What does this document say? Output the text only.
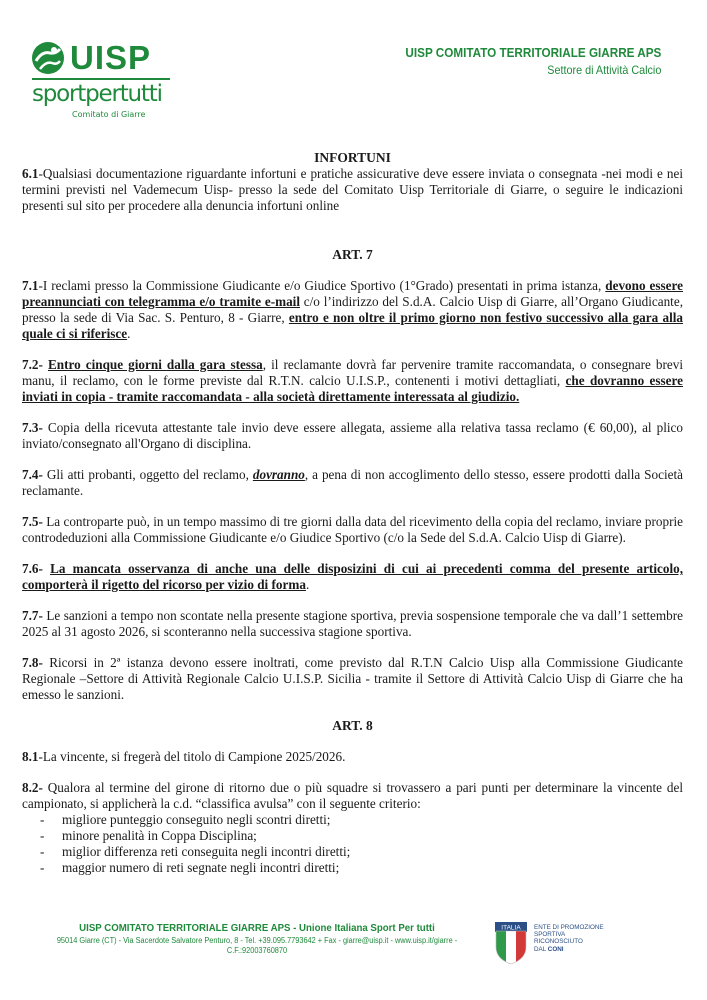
UISP
sportpertutti
Comitato di Giarre
UISP COMITATO TERRITORIALE GIARRE APS
Settore di Attività Calcio
INFORTUNI

6.1-Qualsiasi documentazione riguardante infortuni e pratiche assicurative deve essere inviata o consegnata -nei modi e nei termini previsti nel Vademecum Uisp- presso la sede del Comitato Uisp Territoriale di Giarre, o seguire le indicazioni presenti sul sito per procedere alla denuncia infortuni online

ART. 7

7.1-I reclami presso la Commissione Giudicante e/o Giudice Sportivo (1°Grado) presentati in prima istanza, devono essere preannunciati con telegramma e/o tramite e-mail c/o l’indirizzo del S.d.A. Calcio Uisp di Giarre, all’Organo Giudicante, presso la sede di Via Sac. S. Penturo, 8 - Giarre, entro e non oltre il primo giorno non festivo successivo alla gara alla quale ci si riferisce.

7.2- Entro cinque giorni dalla gara stessa, il reclamante dovrà far pervenire tramite raccomandata, o consegnare brevi manu, il reclamo, con le forme previste dal R.T.N. calcio U.I.S.P., contenenti i motivi dettagliati, che dovranno essere inviati in copia - tramite raccomandata - alla società direttamente interessata al giudizio.

7.3- Copia della ricevuta attestante tale invio deve essere allegata, assieme alla relativa tassa reclamo (€ 60,00), al plico inviato/consegnato all'Organo di disciplina.

7.4- Gli atti probanti, oggetto del reclamo, dovranno, a pena di non accoglimento dello stesso, essere prodotti dalla Società reclamante.

7.5- La controparte può, in un tempo massimo di tre giorni dalla data del ricevimento della copia del reclamo, inviare proprie controdeduzioni alla Commissione Giudicante e/o Giudice Sportivo (c/o la Sede del S.d.A. Calcio Uisp di Giarre).

7.6- La mancata osservanza di anche una delle disposizini di cui ai precedenti comma del presente articolo, comporterà il rigetto del ricorso per vizio di forma.

7.7- Le sanzioni a tempo non scontate nella presente stagione sportiva, previa sospensione temporale che va dall’1 settembre 2025 al 31 agosto 2026, si sconteranno nella successiva stagione sportiva.

7.8- Ricorsi in 2ª istanza devono essere inoltrati, come previsto dal R.T.N Calcio Uisp alla Commissione Giudicante Regionale –Settore di Attività Regionale Calcio U.I.S.P. Sicilia - tramite il Settore di Attività Calcio Uisp di Giarre che ha emesso le sanzioni.

ART. 8

8.1-La vincente, si fregerà del titolo di Campione 2025/2026.

8.2- Qualora al termine del girone di ritorno due o più squadre si trovassero a pari punti per determinare la vincente del campionato, si applicherà la c.d. “classifica avulsa” con il seguente criterio:

- migliore punteggio conseguito negli scontri diretti;
- minore penalità in Coppa Disciplina;
- miglior differenza reti conseguita negli incontri diretti;
- maggior numero di reti segnate negli incontri diretti;
UISP COMITATO TERRITORIALE GIARRE APS - Unione Italiana Sport Per tutti
95014 Giarre (CT) - Via Sacerdote Salvatore Penturo, 8 - Tel. +39.095.7793642 + Fax - giarre@uisp.it - www.uisp.it/giarre - C.F.:92003760870
ITALIA ENTE DI PROMOZIONE
SPORTIVA
RICONOSCIUTO
DAL CONI
